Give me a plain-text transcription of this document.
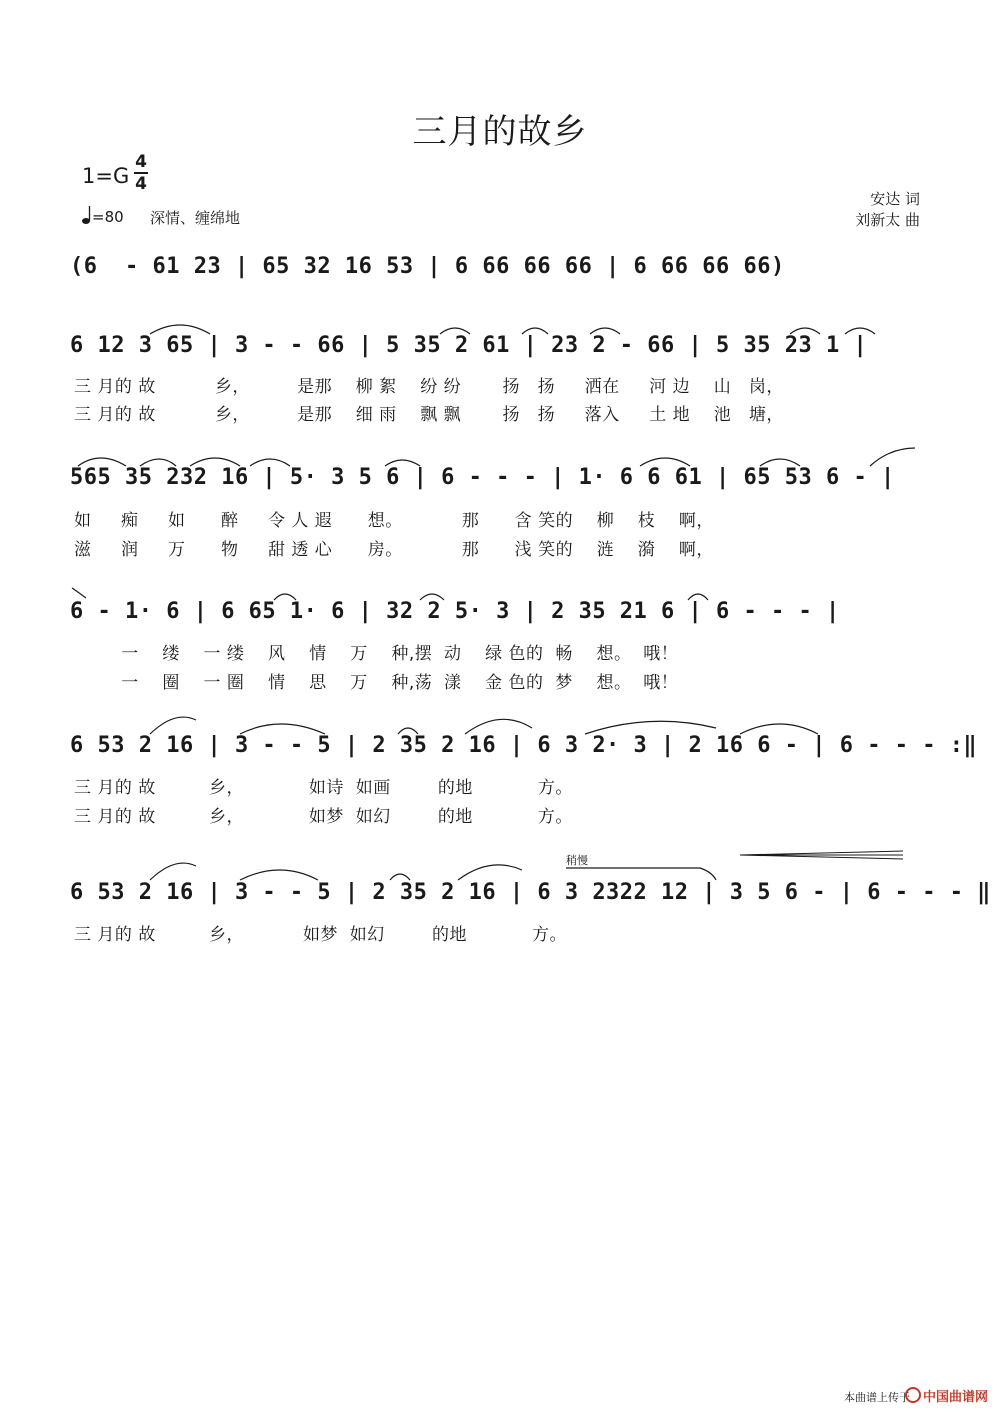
三月的故乡
1=G
4
4
=80 深情、缠绵地
安达 词
刘新太 曲
(6  - 61 23 | 65 32 16 53 | 6 66 66 66 | 6 66 66 66)
6 12 3 65 | 3 - - 66 | 5 35 2 61 | 23 2 - 66 | 5 35 23 1 |
三 月的 故          乡，        是那    柳 絮    纷 纷       扬   扬     洒在     河 边    山   岗，
三 月的 故          乡，        是那    细 雨    飘 飘       扬   扬     落入     土 地    池   塘，
565 35 232 16 | 5· 3 5 6 | 6 - - - | 1· 6 6 61 | 65 53 6 - |
如     痴     如      醉     令 人 遐      想。          那      含 笑的    柳    枝    啊，
滋     润     万      物     甜 透 心      房。          那      浅 笑的    涟    漪    啊，
6 - 1· 6 | 6 65 1· 6 | 32 2 5· 3 | 2 35 21 6 | 6 - - - |
一    缕    一 缕    风    情    万    种,摆  动    绿 色的  畅    想。  哦！
一    圈    一 圈    情    思    万    种,荡  漾    金 色的  梦    想。  哦！
6 53 2 16 | 3 - - 5 | 2 35 2 16 | 6 3 2· 3 | 2 16 6 - | 6 - - - :‖
三 月的 故         乡，           如诗  如画        的地           方。
三 月的 故         乡，           如梦  如幻        的地           方。
稍慢
6 53 2 16 | 3 - - 5 | 2 35 2 16 | 6 3 2322 12 | 3 5 6 - | 6 - - - ‖
三 月的 故         乡，          如梦  如幻        的地           方。
本曲谱上传于 中国曲谱网
